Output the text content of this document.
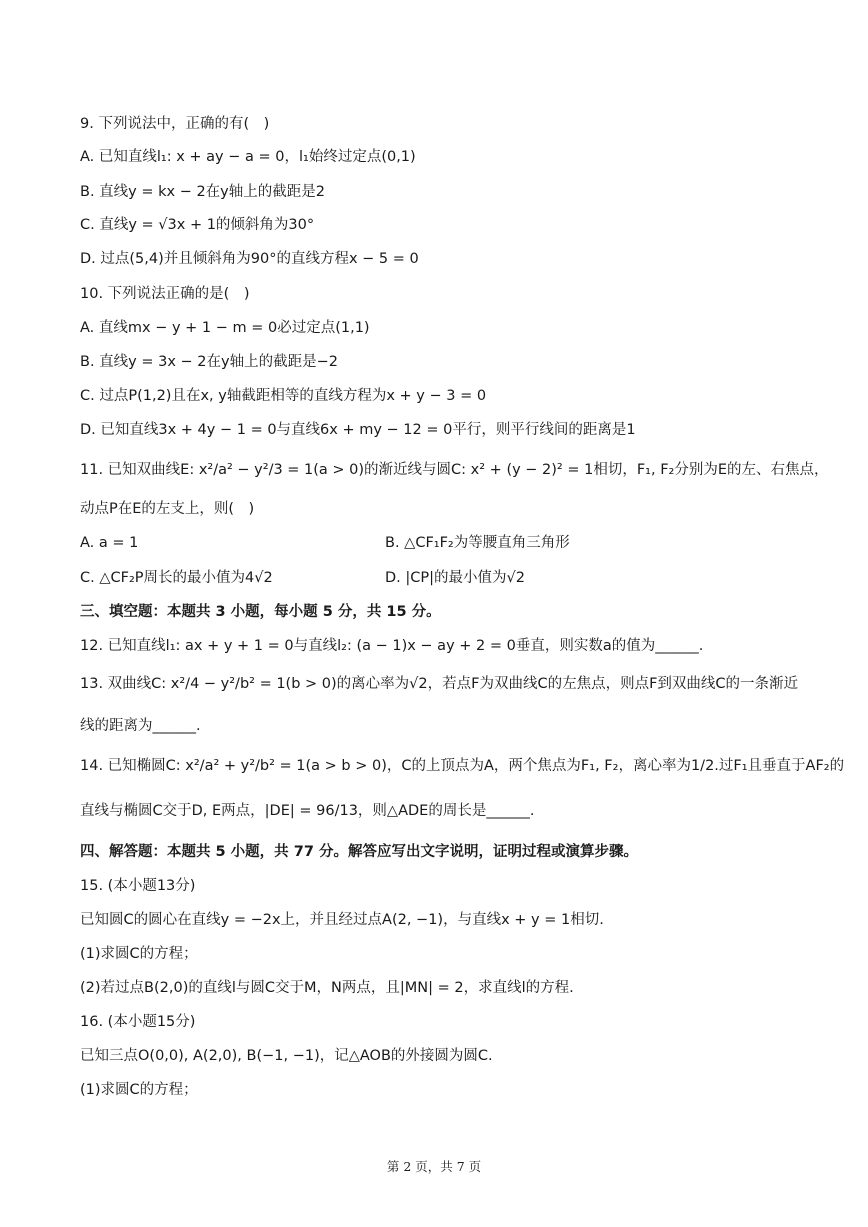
9. 下列说法中，正确的有(　)
A. 已知直线l₁: x + ay − a = 0，l₁始终过定点(0,1)
B. 直线y = kx − 2在y轴上的截距是2
C. 直线y = √3x + 1的倾斜角为30°
D. 过点(5,4)并且倾斜角为90°的直线方程x − 5 = 0
10. 下列说法正确的是(　)
A. 直线mx − y + 1 − m = 0必过定点(1,1)
B. 直线y = 3x − 2在y轴上的截距是−2
C. 过点P(1,2)且在x, y轴截距相等的直线方程为x + y − 3 = 0
D. 已知直线3x + 4y − 1 = 0与直线6x + my − 12 = 0平行，则平行线间的距离是1
11. 已知双曲线E: x²/a² − y²/3 = 1(a > 0)的渐近线与圆C: x² + (y − 2)² = 1相切，F₁, F₂分别为E的左、右焦点，
动点P在E的左支上，则(　)
A. a = 1	B. △CF₁F₂为等腰直角三角形
C. △CF₂P周长的最小值为4√2	D. |CP|的最小值为√2
三、填空题：本题共 3 小题，每小题 5 分，共 15 分。
12. 已知直线l₁: ax + y + 1 = 0与直线l₂: (a − 1)x − ay + 2 = 0垂直，则实数a的值为______.
13. 双曲线C: x²/4 − y²/b² = 1(b > 0)的离心率为√2，若点F为双曲线C的左焦点，则点F到双曲线C的一条渐近
线的距离为______.
14. 已知椭圆C: x²/a² + y²/b² = 1(a > b > 0)，C的上顶点为A，两个焦点为F₁, F₂，离心率为1/2.过F₁且垂直于AF₂的
直线与椭圆C交于D, E两点，|DE| = 96/13，则△ADE的周长是______.
四、解答题：本题共 5 小题，共 77 分。解答应写出文字说明，证明过程或演算步骤。
15. (本小题13分)
已知圆C的圆心在直线y = −2x上，并且经过点A(2, −1)，与直线x + y = 1相切.
(1)求圆C的方程；
(2)若过点B(2,0)的直线l与圆C交于M，N两点，且|MN| = 2，求直线l的方程.
16. (本小题15分)
已知三点O(0,0), A(2,0), B(−1, −1)，记△AOB的外接圆为圆C.
(1)求圆C的方程；
第 2 页，共 7 页
